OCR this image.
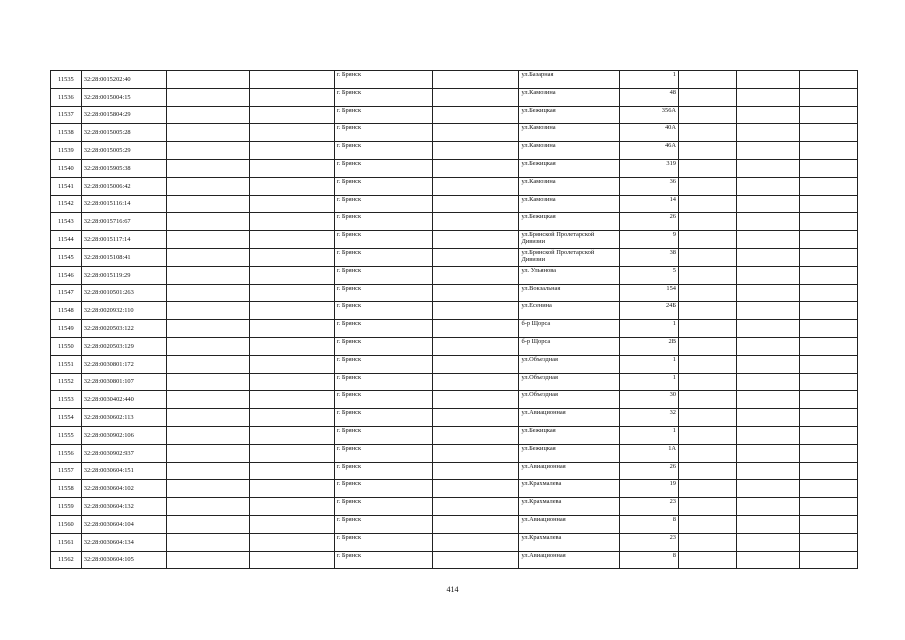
11535	32:28:0015202:40			г. Брянск		ул.Базарная	1			
11536	32:28:0015004:15			г. Брянск		ул.Камозина	48			
11537	32:28:0015804:29			г. Брянск		ул.Бежицкая	356А			
11538	32:28:0015005:28			г. Брянск		ул.Камозина	40А			
11539	32:28:0015005:29			г. Брянск		ул.Камозина	46А			
11540	32:28:0015905:38			г. Брянск		ул.Бежицкая	319			
11541	32:28:0015006:42			г. Брянск		ул.Камозина	36			
11542	32:28:0015116:14			г. Брянск		ул.Камозина	14			
11543	32:28:0015716:67			г. Брянск		ул.Бежицкая	26			
11544	32:28:0015117:14			г. Брянск		ул.Брянской Пролетарской Дивизии	9			
11545	32:28:0015108:41			г. Брянск		ул.Брянской Пролетарской Дивизии	38			
11546	32:28:0015119:29			г. Брянск		ул. Ульянова	5			
11547	32:28:0010501:263			г. Брянск		ул.Вокзальная	154			
11548	32:28:0020932:110			г. Брянск		ул.Есенина	24Б			
11549	32:28:0020503:122			г. Брянск		б-р Щорса	1			
11550	32:28:0020503:129			г. Брянск		б-р Щорса	2В			
11551	32:28:0030801:172			г. Брянск		ул.Объездная	1			
11552	32:28:0030801:107			г. Брянск		ул.Объездная	1			
11553	32:28:0030402:440			г. Брянск		ул.Объездная	30			
11554	32:28:0030602:113			г. Брянск		ул.Авиационная	32			
11555	32:28:0030902:106			г. Брянск		ул.Бежицкая	1			
11556	32:28:0030902:937			г. Брянск		ул.Бежицкая	1А			
11557	32:28:0030604:151			г. Брянск		ул.Авиационная	26			
11558	32:28:0030604:102			г. Брянск		ул.Крахмалева	19			
11559	32:28:0030604:132			г. Брянск		ул.Крахмалева	23			
11560	32:28:0030604:104			г. Брянск		ул.Авиационная	8			
11561	32:28:0030604:134			г. Брянск		ул.Крахмалева	23			
11562	32:28:0030604:105			г. Брянск		ул.Авиационная	8			
414
